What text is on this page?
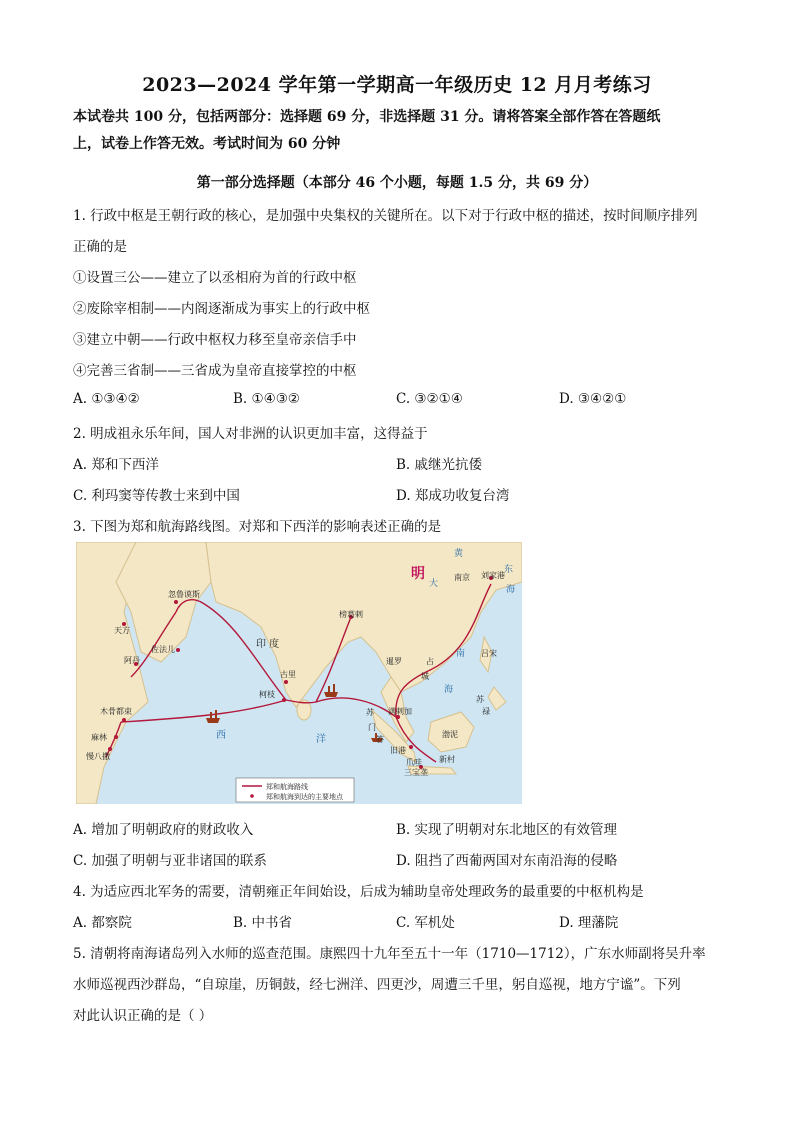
2023—2024 学年第一学期高一年级历史 12 月月考练习
本试卷共 100 分，包括两部分：选择题 69 分，非选择题 31 分。请将答案全部作答在答题纸
上，试卷上作答无效。考试时间为 60 分钟
第一部分选择题（本部分 46 个小题，每题 1.5 分，共 69 分）
1. 行政中枢是王朝行政的核心，是加强中央集权的关键所在。以下对于行政中枢的描述，按时间顺序排列
正确的是
①设置三公——建立了以丞相府为首的行政中枢
②废除宰相制——内阁逐渐成为事实上的行政中枢
③建立中朝——行政中枢权力移至皇帝亲信手中
④完善三省制——三省成为皇帝直接掌控的中枢
A. ①③④②	B. ①④③②	C. ③②①④	D. ③④②①
2. 明成祖永乐年间，国人对非洲的认识更加丰富，这得益于
A. 郑和下西洋	B. 戚继光抗倭
C. 利玛窦等传教士来到中国	D. 郑成功收复台湾
3. 下图为郑和航海路线图。对郑和下西洋的影响表述正确的是
明
黄
东
海
南京 刘家港
忽鲁谟斯
天方
佐法儿
阿丹
印 度
榜葛剌
古里
柯枝
暹罗	占
城
吕宋
南
海
苏
禄
渤泥
木骨都束
麻林
慢八撒
西	洋
苏
门
答
满剌加
旧港
爪哇
三宝垄
新村
大
郑和航海路线
郑和航海到达的主要地点
A. 增加了明朝政府的财政收入	B. 实现了明朝对东北地区的有效管理
C. 加强了明朝与亚非诸国的联系	D. 阻挡了西葡两国对东南沿海的侵略
4. 为适应西北军务的需要，清朝雍正年间始设，后成为辅助皇帝处理政务的最重要的中枢机构是
A. 都察院	B. 中书省	C. 军机处	D. 理藩院
5. 清朝将南海诸岛列入水师的巡查范围。康熙四十九年至五十一年（1710—1712），广东水师副将吴升率
水师巡视西沙群岛，“自琼崖，历铜鼓，经七洲洋、四更沙，周遭三千里，躬自巡视，地方宁谧”。下列
对此认识正确的是（ ）
